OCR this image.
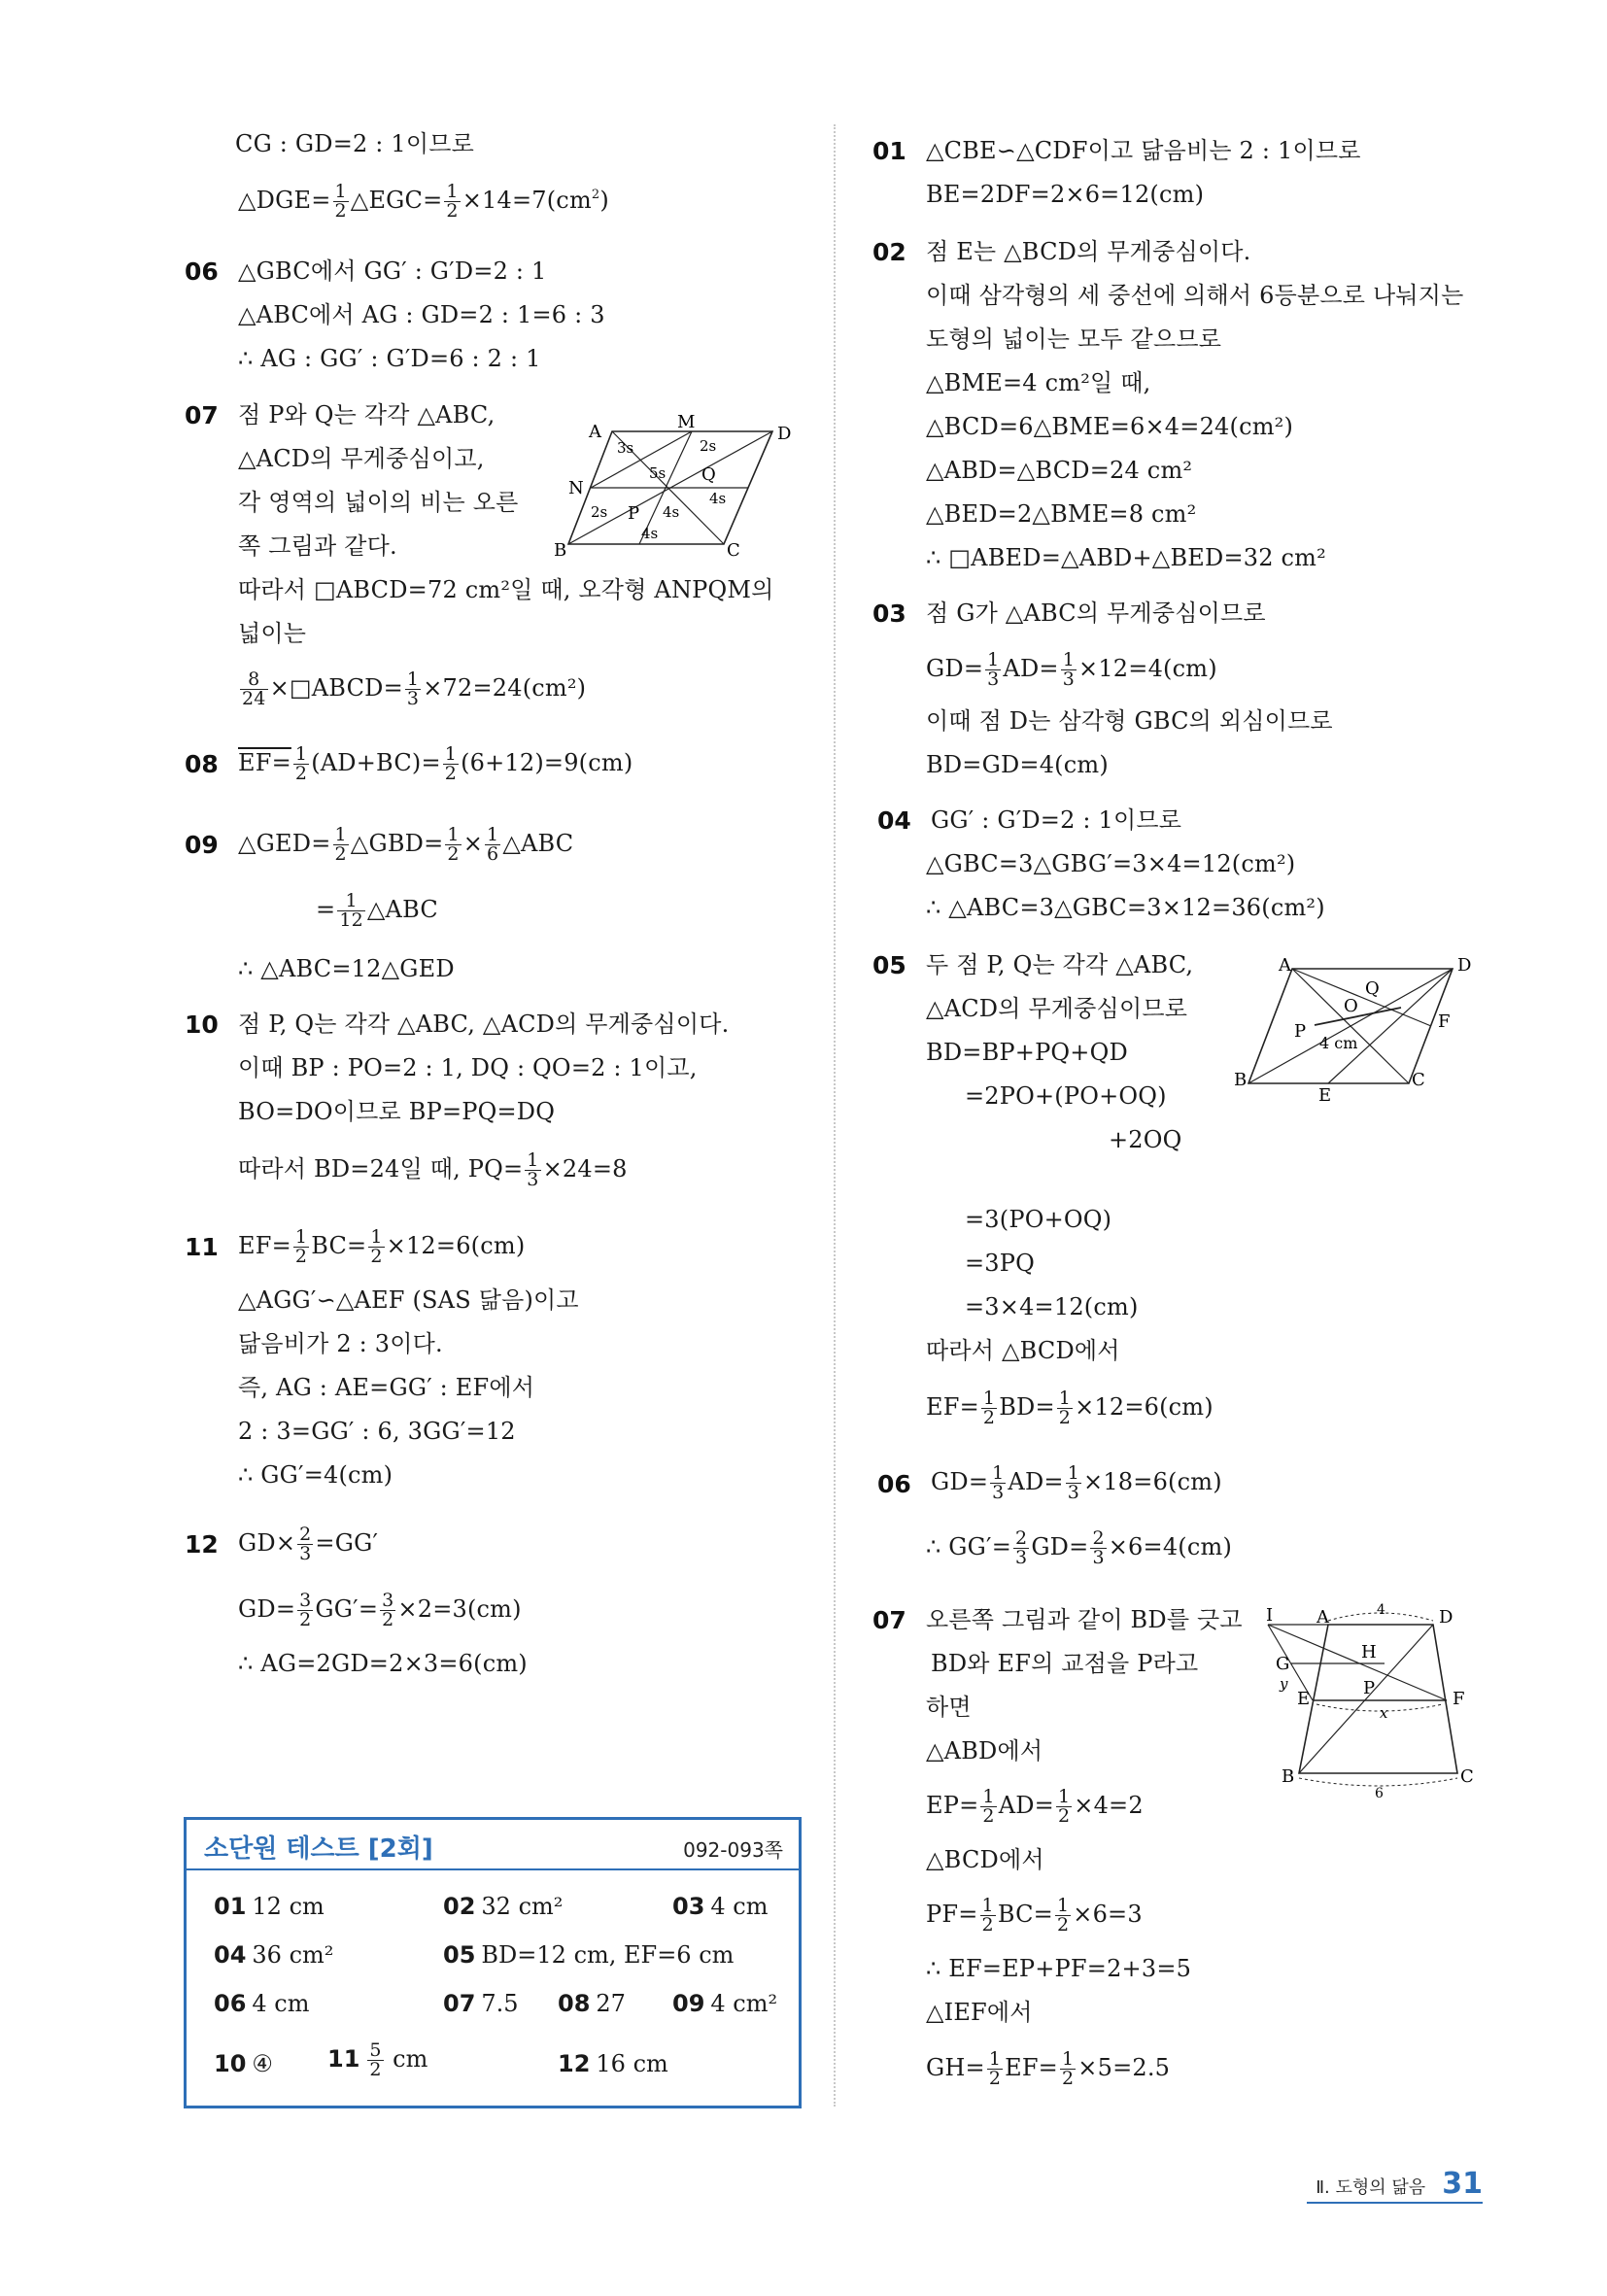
CG : GD=2 : 1이므로
△DGE= $\frac{1}{2}$ △EGC= $\frac{1}{2} \times 14=7(cm^2)$
06 △GBC에서 GG′ : G′D=2 : 1
△ABC에서 AG : GD=2 : 1=6 : 3
∴ AG : GG′ : G′D=6 : 2 : 1
07 점 P와 Q는 각각 △ABC,
△ACD의 무게중심이고,
각 영역의 넓이의 비는 오른
쪽 그림과 같다.
따라서 □ABCD=72 cm²일 때, 오각형 ANPQM의
넓이는
$\frac{8}{24}$ ×□ABCD= $\frac{1}{3} \times 72=24(cm^2)$
A	M
D
N
Q
P
B	C
3s	2s
5s
4s
2s
4s
4s
08 $EF= \frac{1}{2} (AD+BC)= \frac{1}{2} (6+12)=9(cm)$
09 △GED= $\frac{1}{2}$ △GBD= $\frac{1}{2} \times \frac{1}{6}$ △ABC
= $\frac{1}{12}$ △ABC
∴ △ABC=12△GED
10 점 P, Q는 각각 △ABC, △ACD의 무게중심이다.
이때 BP : PO=2 : 1, DQ : QO=2 : 1이고,
BO=DO이므로 BP=PQ=DQ
따라서 BD=24일 때, $PQ= \frac{1}{3} \times 24=8$
11 $EF= \frac{1}{2} BC= \frac{1}{2} \times 12=6(cm)$
△AGG′∽△AEF (SAS 닮음)이고
닮음비가 2 : 3이다.
즉, AG : AE=GG′ : EF에서
2 : 3=GG′ : 6, 3GG′=12
∴ GG′=4(cm)
12 $GD\times \frac{2}{3} =GG'$
$GD= \frac{3}{2} GG'= \frac{3}{2} \times 2=3(cm)$
∴ AG=2GD=2×3=6(cm)
소단원 테스트 [2회]	092-093쪽
01 12 cm	02 32 cm²	03 4 cm
04 36 cm²	05 BD=12 cm, EF=6 cm
06 4 cm	07 7.5 08 27 09 4 cm²
10 ④ $11 \frac{5}{2}$ cm	12 16 cm
01 △CBE∽△CDF이고 닮음비는 2 : 1이므로
BE=2DF=2×6=12(cm)
02 점 E는 △BCD의 무게중심이다.
이때 삼각형의 세 중선에 의해서 6등분으로 나눠지는
도형의 넓이는 모두 같으므로
△BME=4 cm²일 때,
△BCD=6△BME=6×4=24(cm²)
△ABD=△BCD=24 cm²
△BED=2△BME=8 cm²
∴ □ABED=△ABD+△BED=32 cm²
03 점 G가 △ABC의 무게중심이므로
$GD= \frac{1}{3} AD= \frac{1}{3} \times 12=4(cm)$
이때 점 D는 삼각형 GBC의 외심이므로
BD=GD=4(cm)
04 GG′ : G′D=2 : 1이므로
△GBC=3△GBG′=3×4=12(cm²)
∴ △ABC=3△GBC=3×12=36(cm²)
05 두 점 P, Q는 각각 △ABC,
△ACD의 무게중심이므로
BD=BP+PQ+QD
=2PO+(PO+OQ)
+2OQ
=3(PO+OQ)
=3PQ
=3×4=12(cm)
따라서 △BCD에서
$EF= \frac{1}{2} BD= \frac{1}{2} \times 12=6(cm)$
A	D
Q
O
F
P
4 cm
B
E
C
06 $GD= \frac{1}{3} AD= \frac{1}{3} \times 18=6(cm)$
∴ $GG'= \frac{2}{3} GD= \frac{2}{3} \times 6=4(cm)$
07 오른쪽 그림과 같이 BD를 긋고
BD와 EF의 교점을 P라고
하면
△ABD에서
$EP= \frac{1}{2} AD= \frac{1}{2} \times 4=2$
△BCD에서
$PF= \frac{1}{2} BC= \frac{1}{2} \times 6=3$
∴ EF=EP+PF=2+3=5
△IEF에서
$GH= \frac{1}{2} EF= \frac{1}{2} \times 5=2.5$
I A	D
4
H
G
y
E
P
x
F
B	C
6
Ⅱ. 도형의 닮음 31
